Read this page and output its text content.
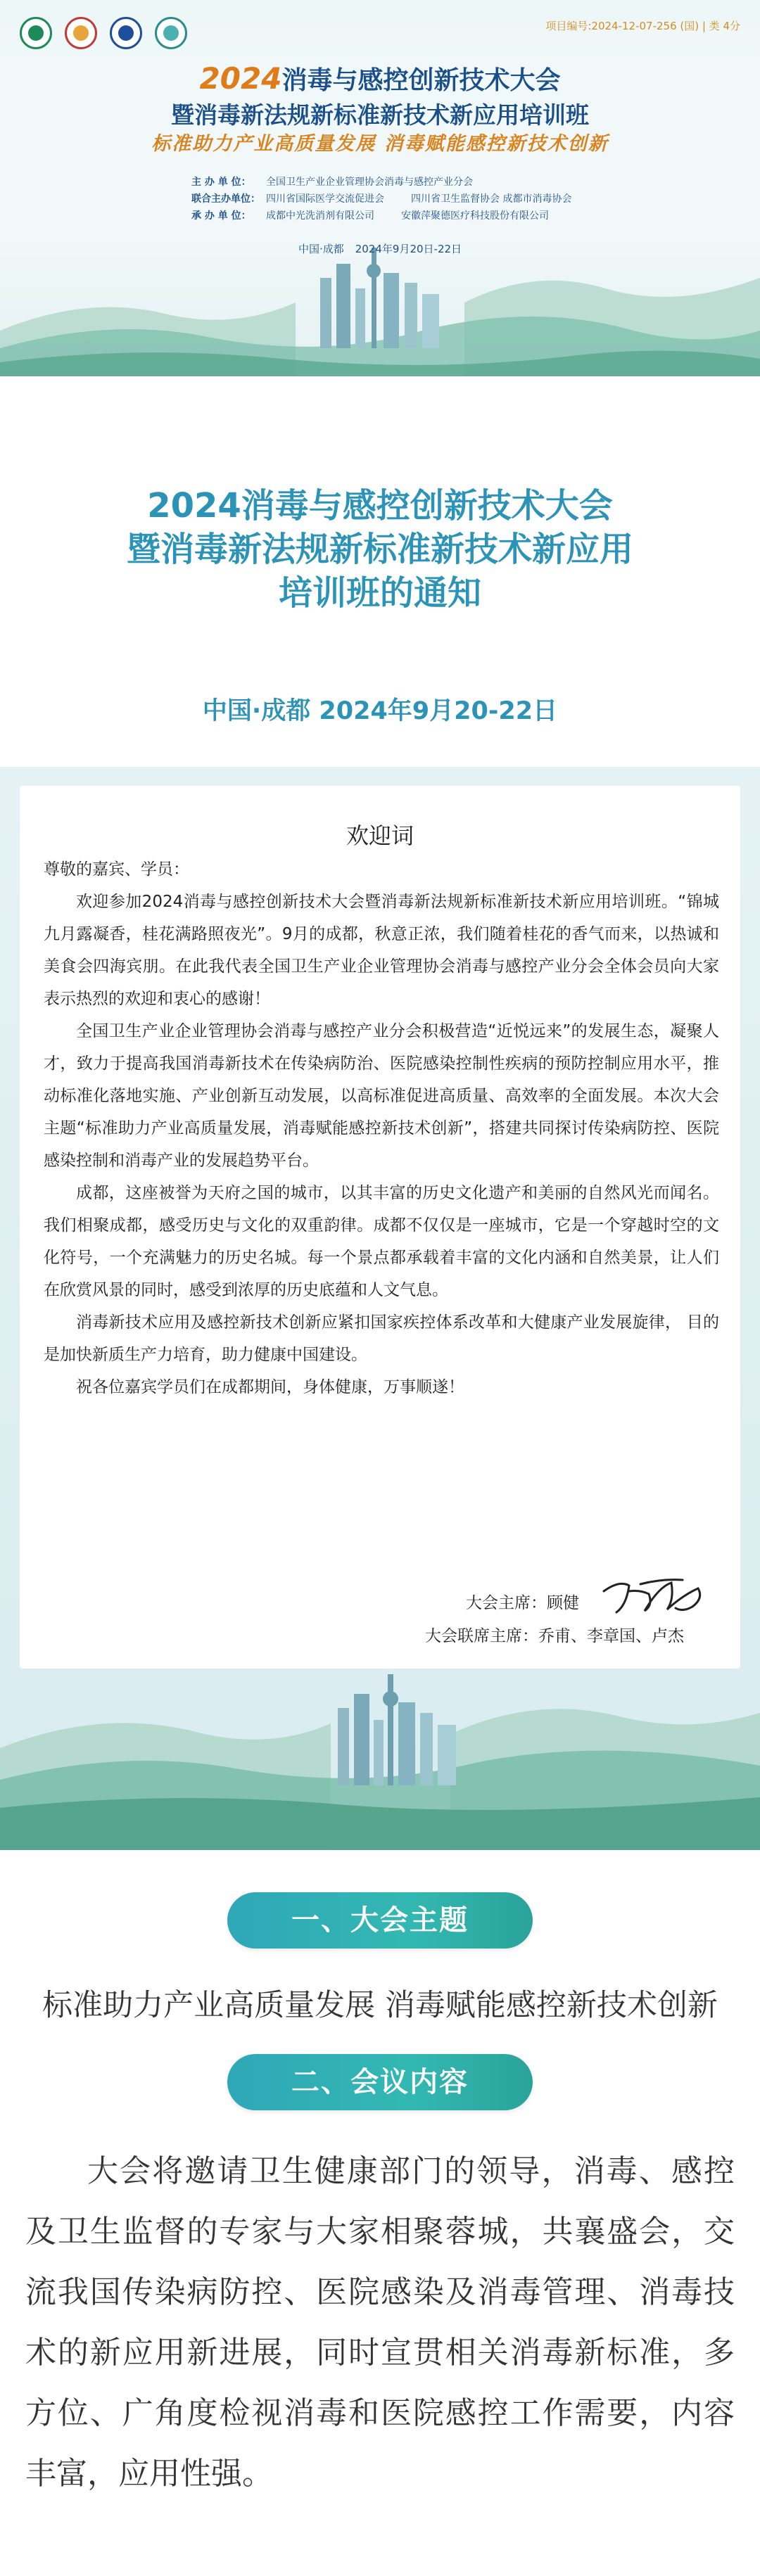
项目编号:2024-12-07-256 (国) | 类 4分
2024消毒与感控创新技术大会
暨消毒新法规新标准新技术新应用培训班
标准助力产业高质量发展 消毒赋能感控新技术创新
主 办 单 位： 全国卫生产业企业管理协会消毒与感控产业分会
联合主办单位： 四川省国际医学交流促进会	四川省卫生监督协会 成都市消毒协会
承 办 单 位： 成都中光洗消剂有限公司	安徽萍聚德医疗科技股份有限公司
中国·成都 2024年9月20日-22日
2024消毒与感控创新技术大会
暨消毒新法规新标准新技术新应用
培训班的通知
中国·成都 2024年9月20-22日
欢迎词

尊敬的嘉宾、学员：

欢迎参加2024消毒与感控创新技术大会暨消毒新法规新标准新技术新应用培训班。“锦城九月露凝香，桂花满路照夜光”。9月的成都，秋意正浓，我们随着桂花的香气而来，以热诚和美食会四海宾朋。在此我代表全国卫生产业企业管理协会消毒与感控产业分会全体会员向大家表示热烈的欢迎和衷心的感谢！

全国卫生产业企业管理协会消毒与感控产业分会积极营造“近悦远来”的发展生态，凝聚人才，致力于提高我国消毒新技术在传染病防治、医院感染控制性疾病的预防控制应用水平，推动标准化落地实施、产业创新互动发展，以高标准促进高质量、高效率的全面发展。本次大会主题“标准助力产业高质量发展，消毒赋能感控新技术创新”，搭建共同探讨传染病防控、医院感染控制和消毒产业的发展趋势平台。

成都，这座被誉为天府之国的城市，以其丰富的历史文化遗产和美丽的自然风光而闻名。我们相聚成都，感受历史与文化的双重韵律。成都不仅仅是一座城市，它是一个穿越时空的文化符号，一个充满魅力的历史名城。每一个景点都承载着丰富的文化内涵和自然美景，让人们在欣赏风景的同时，感受到浓厚的历史底蕴和人文气息。

消毒新技术应用及感控新技术创新应紧扣国家疾控体系改革和大健康产业发展旋律， 目的是加快新质生产力培育，助力健康中国建设。

祝各位嘉宾学员们在成都期间，身体健康，万事顺遂！

大会主席：顾健
大会联席主席：乔甫、李章国、卢杰
一、大会主题
标准助力产业高质量发展 消毒赋能感控新技术创新
二、会议内容

大会将邀请卫生健康部门的领导，消毒、感控及卫生监督的专家与大家相聚蓉城，共襄盛会，交流我国传染病防控、医院感染及消毒管理、消毒技术的新应用新进展，同时宣贯相关消毒新标准，多方位、广角度检视消毒和医院感控工作需要，内容丰富，应用性强。
